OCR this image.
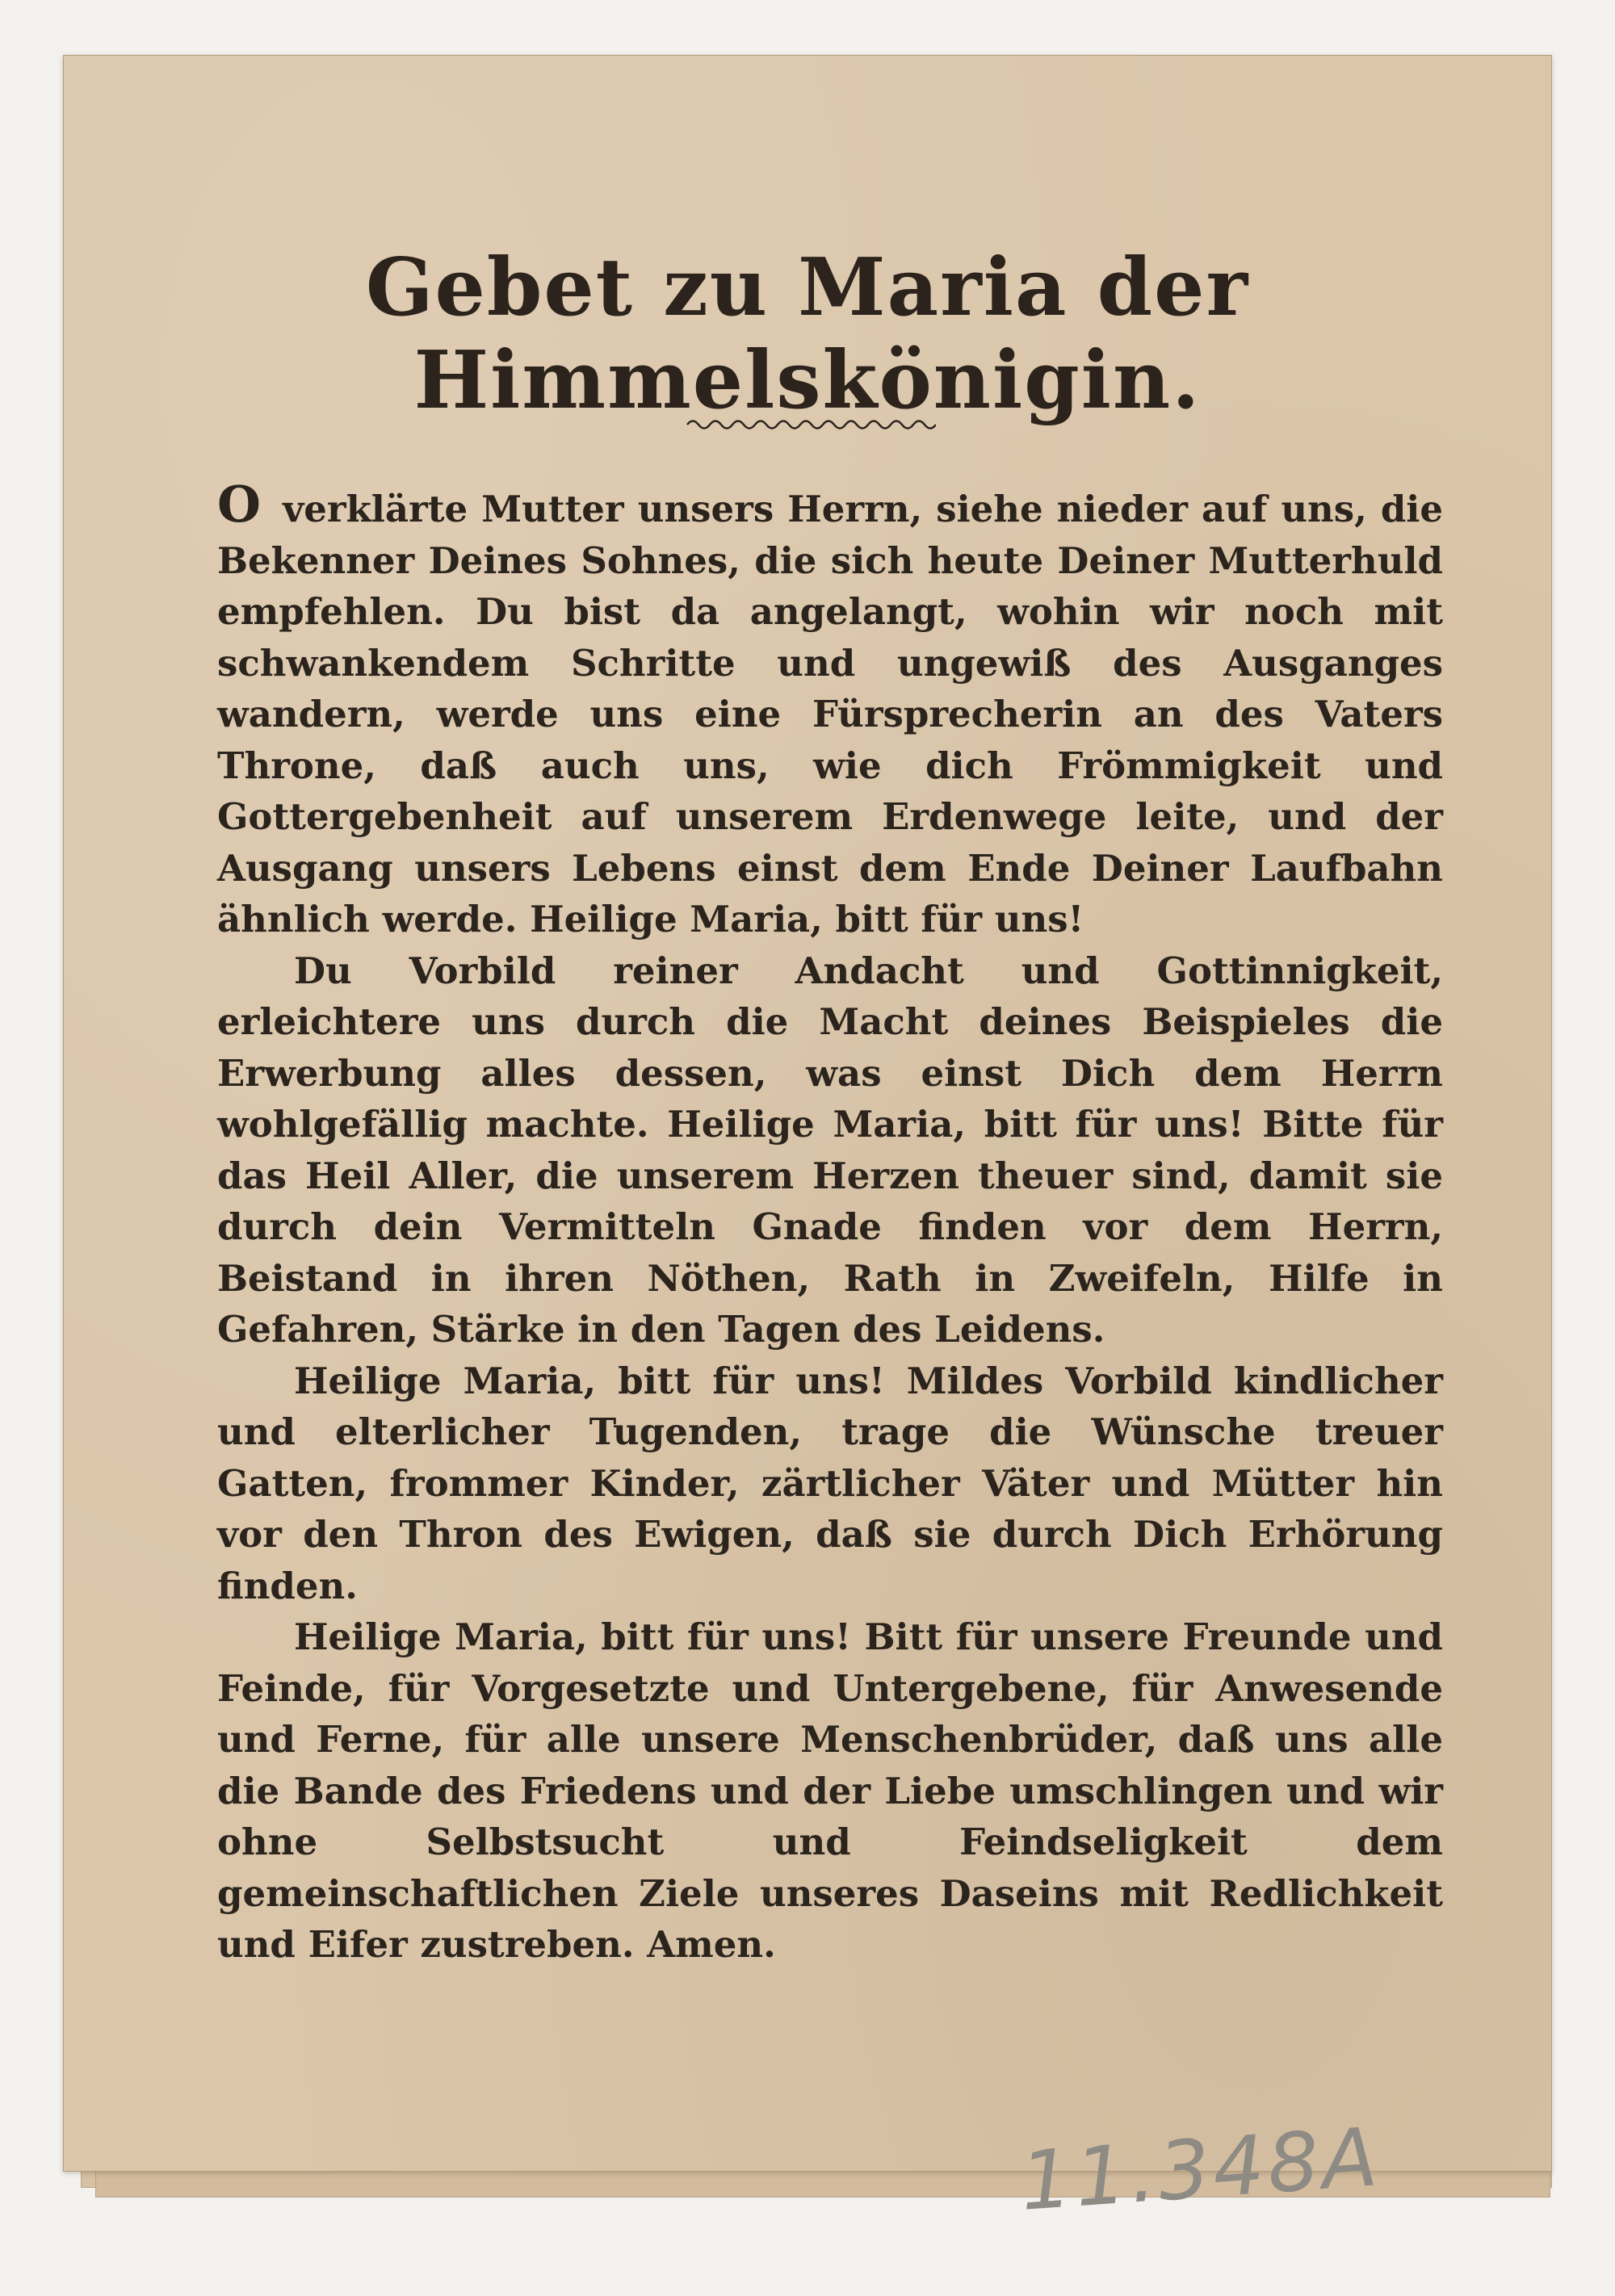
Gebet zu Maria der Himmelskönigin.

O verklärte Mutter unsers Herrn, siehe nieder auf uns, die Bekenner Deines Sohnes, die sich heute Deiner Mutterhuld empfehlen. Du bist da angelangt, wohin wir noch mit schwankendem Schritte und ungewiß des Ausganges wandern, werde uns eine Fürsprecherin an des Vaters Throne, daß auch uns, wie dich Frömmigkeit und Gottergebenheit auf unserem Erdenwege leite, und der Ausgang unsers Lebens einst dem Ende Deiner Laufbahn ähnlich werde. Heilige Maria, bitt für uns!

Du Vorbild reiner Andacht und Gottinnigkeit, erleichtere uns durch die Macht deines Beispieles die Erwerbung alles dessen, was einst Dich dem Herrn wohlgefällig machte. Heilige Maria, bitt für uns! Bitte für das Heil Aller, die unserem Herzen theuer sind, damit sie durch dein Vermitteln Gnade finden vor dem Herrn, Beistand in ihren Nöthen, Rath in Zweifeln, Hilfe in Gefahren, Stärke in den Tagen des Leidens.

Heilige Maria, bitt für uns! Mildes Vorbild kindlicher und elterlicher Tugenden, trage die Wünsche treuer Gatten, frommer Kinder, zärtlicher Väter und Mütter hin vor den Thron des Ewigen, daß sie durch Dich Erhörung finden.

Heilige Maria, bitt für uns! Bitt für unsere Freunde und Feinde, für Vorgesetzte und Untergebene, für Anwesende und Ferne, für alle unsere Menschenbrüder, daß uns alle die Bande des Friedens und der Liebe umschlingen und wir ohne Selbstsucht und Feindseligkeit dem gemeinschaftlichen Ziele unseres Daseins mit Redlichkeit und Eifer zustreben. Amen.

11.348A
